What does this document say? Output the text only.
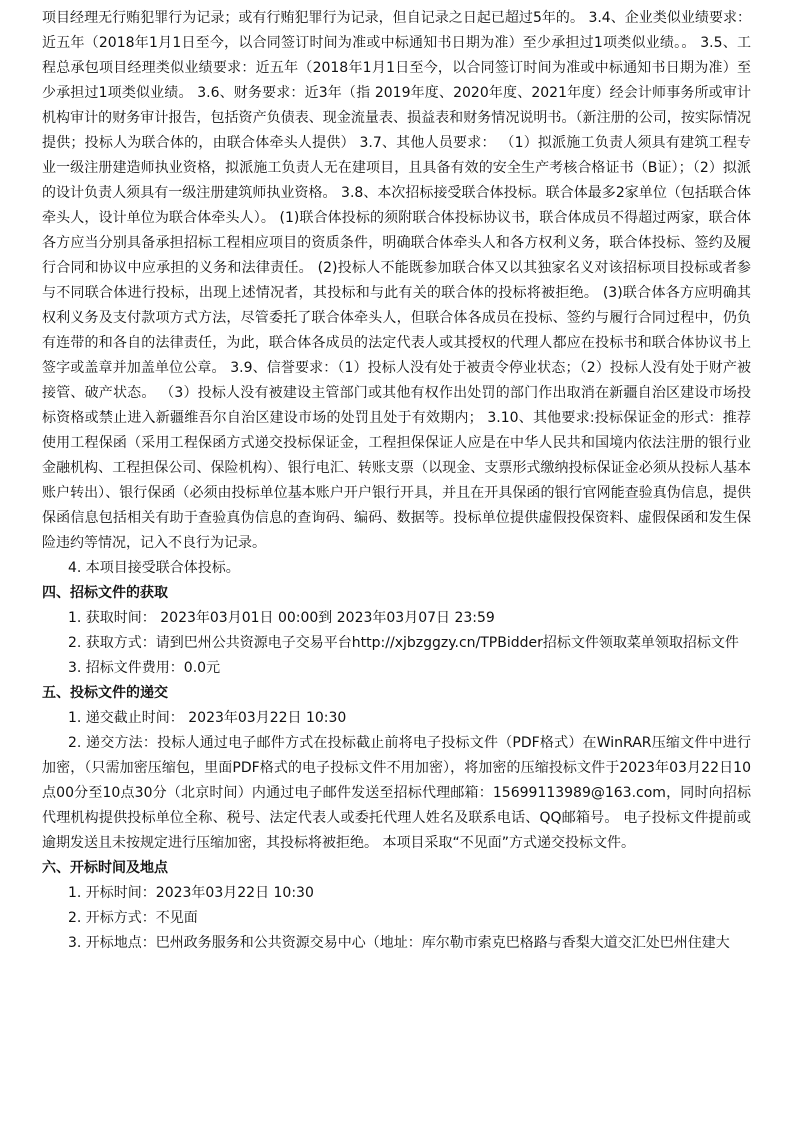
项目经理无行贿犯罪行为记录；或有行贿犯罪行为记录，但自记录之日起已超过5年的。 3.4、企业类似业绩要求：近五年（2018年1月1日至今，以合同签订时间为准或中标通知书日期为准）至少承担过1项类似业绩。。 3.5、工程总承包项目经理类似业绩要求：近五年（2018年1月1日至今，以合同签订时间为准或中标通知书日期为准）至少承担过1项类似业绩。 3.6、财务要求：近3年（指 2019年度、2020年度、2021年度）经会计师事务所或审计机构审计的财务审计报告，包括资产负债表、现金流量表、损益表和财务情况说明书。（新注册的公司，按实际情况提供；投标人为联合体的，由联合体牵头人提供） 3.7、其他人员要求： （1）拟派施工负责人须具有建筑工程专业一级注册建造师执业资格，拟派施工负责人无在建项目，且具备有效的安全生产考核合格证书（B证）；（2）拟派的设计负责人须具有一级注册建筑师执业资格。 3.8、本次招标接受联合体投标。联合体最多2家单位（包括联合体牵头人，设计单位为联合体牵头人）。 (1)联合体投标的须附联合体投标协议书，联合体成员不得超过两家，联合体各方应当分别具备承担招标工程相应项目的资质条件，明确联合体牵头人和各方权利义务，联合体投标、签约及履行合同和协议中应承担的义务和法律责任。 (2)投标人不能既参加联合体又以其独家名义对该招标项目投标或者参与不同联合体进行投标，出现上述情况者，其投标和与此有关的联合体的投标将被拒绝。 (3)联合体各方应明确其权利义务及支付款项方式方法，尽管委托了联合体牵头人，但联合体各成员在投标、签约与履行合同过程中，仍负有连带的和各自的法律责任，为此，联合体各成员的法定代表人或其授权的代理人都应在投标书和联合体协议书上签字或盖章并加盖单位公章。 3.9、信誉要求：（1）投标人没有处于被责令停业状态；（2）投标人没有处于财产被接管、破产状态。 （3）投标人没有被建设主管部门或其他有权作出处罚的部门作出取消在新疆自治区建设市场投标资格或禁止进入新疆维吾尔自治区建设市场的处罚且处于有效期内； 3.10、其他要求:投标保证金的形式：推荐使用工程保函（采用工程保函方式递交投标保证金，工程担保保证人应是在中华人民共和国境内依法注册的银行业金融机构、工程担保公司、保险机构）、银行电汇、转账支票（以现金、支票形式缴纳投标保证金必须从投标人基本账户转出）、银行保函（必须由投标单位基本账户开户银行开具，并且在开具保函的银行官网能查验真伪信息，提供保函信息包括相关有助于查验真伪信息的查询码、编码、数据等。投标单位提供虚假投保资料、虚假保函和发生保险违约等情况，记入不良行为记录。

4. 本项目接受联合体投标。

四、招标文件的获取

1. 获取时间： 2023年03月01日 00:00到 2023年03月07日 23:59

2. 获取方式：请到巴州公共资源电子交易平台http://xjbzggzy.cn/TPBidder招标文件领取菜单领取招标文件

3. 招标文件费用：0.0元

五、投标文件的递交

1. 递交截止时间： 2023年03月22日 10:30

2. 递交方法：投标人通过电子邮件方式在投标截止前将电子投标文件（PDF格式）在WinRAR压缩文件中进行加密，（只需加密压缩包，里面PDF格式的电子投标文件不用加密），将加密的压缩投标文件于2023年03月22日10点00分至10点30分（北京时间）内通过电子邮件发送至招标代理邮箱：15699113989@163.com，同时向招标代理机构提供投标单位全称、税号、法定代表人或委托代理人姓名及联系电话、QQ邮箱号。 电子投标文件提前或逾期发送且未按规定进行压缩加密，其投标将被拒绝。 本项目采取“不见面”方式递交投标文件。

六、开标时间及地点

1. 开标时间：2023年03月22日 10:30

2. 开标方式：不见面

3. 开标地点：巴州政务服务和公共资源交易中心（地址：库尔勒市索克巴格路与香梨大道交汇处巴州住建大
